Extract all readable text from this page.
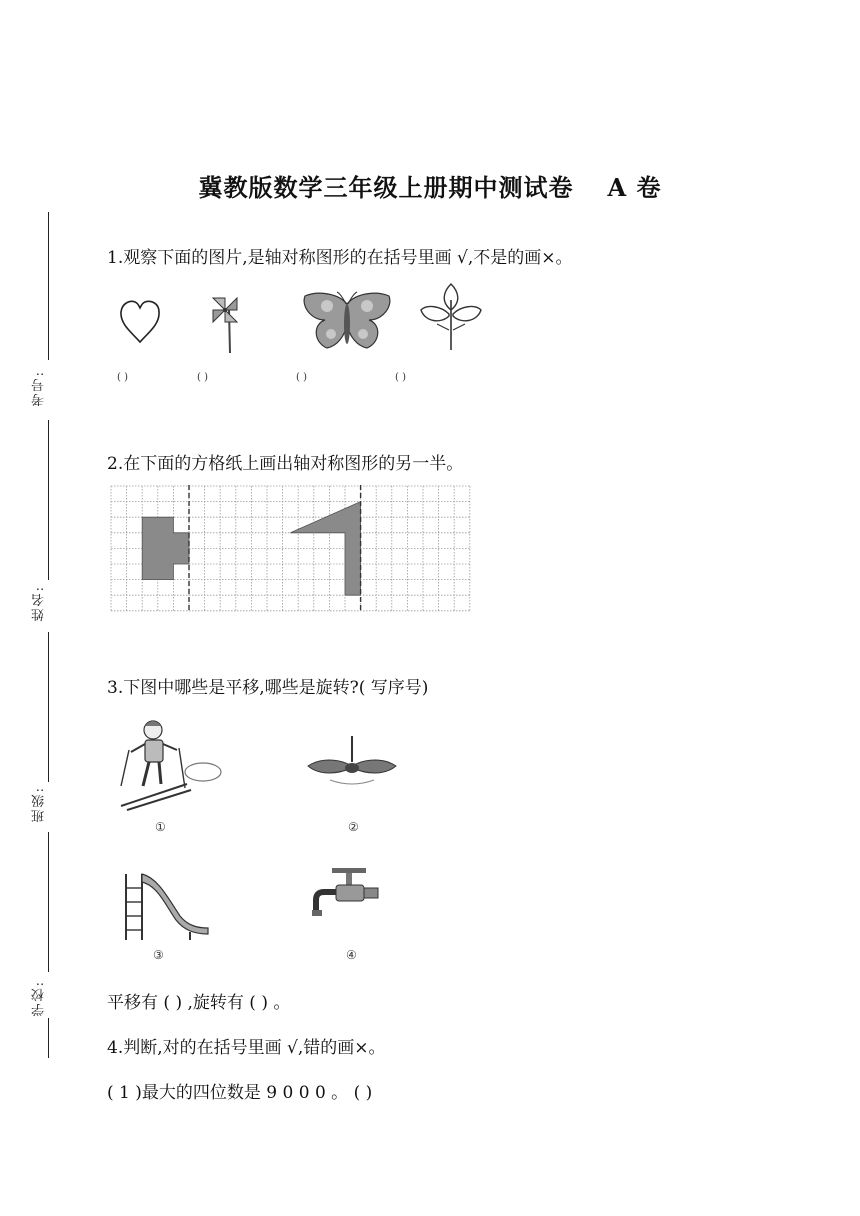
冀教版数学三年级上册期中测试卷 A 卷
考号:
姓名:
班级:
学校:
1.观察下面的图片,是轴对称图形的在括号里画 √,不是的画×。
( )	( )	( )	( )
2.在下面的方格纸上画出轴对称图形的另一半。
3.下图中哪些是平移,哪些是旋转?( 写序号)
①	②
③	④
平移有 ( ) ,旋转有 ( ) 。
4.判断,对的在括号里画 √,错的画×。
( 1 )最大的四位数是 9 0 0 0 。 ( )
